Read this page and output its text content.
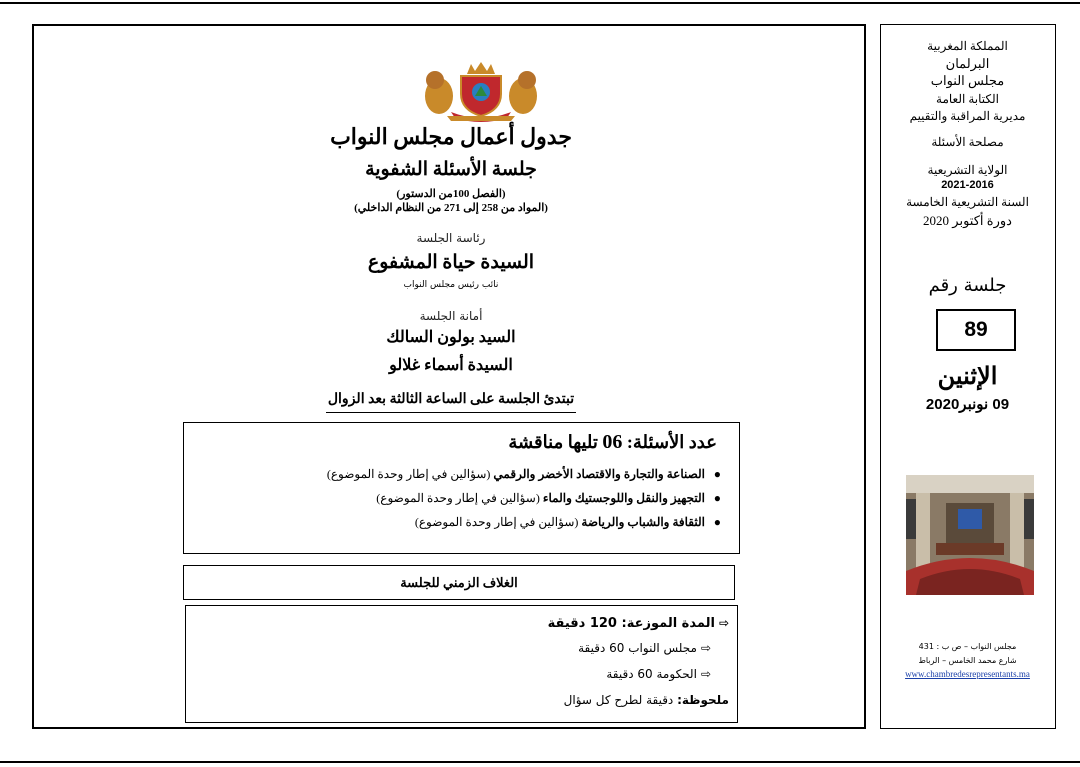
جدول أعمال مجلس النواب
جلسة الأسئلة الشفوية
(الفصل 100من الدستور)
(المواد من 258 إلى 271 من النظام الداخلي)
رئاسة الجلسة
السيدة حياة المشفوع
نائب رئيس مجلس النواب
أمانة الجلسة
السيد بولون السالك
السيدة أسماء غلالو
تبتدئ الجلسة على الساعة الثالثة بعد الزوال
عدد الأسئلة: 06 تليها مناقشة
●الصناعة والتجارة والاقتصاد الأخضر والرقمي (سؤالين في إطار وحدة الموضوع)
●التجهيز والنقل واللوجستيك والماء (سؤالين في إطار وحدة الموضوع)
●الثقافة والشباب والرياضة (سؤالين في إطار وحدة الموضوع)
الغلاف الزمني للجلسة
⇨المدة الموزعة: 120 دقيقة
⇨مجلس النواب 60 دقيقة
⇨الحكومة 60 دقيقة
ملحوظة: دقيقة لطرح كل سؤال
المملكة المغربية
البرلمان
مجلس النواب
الكتابة العامة
مديرية المراقبة والتقييم
مصلحة الأسئلة
الولاية التشريعية
2021-2016
السنة التشريعية الخامسة
دورة أكتوبر 2020
جلسة رقم
89
الإثنين
09 نونبر2020
مجلس النواب – ص ب : 431
شارع محمد الخامس – الرباط
www.chambredesrepresentants.ma
